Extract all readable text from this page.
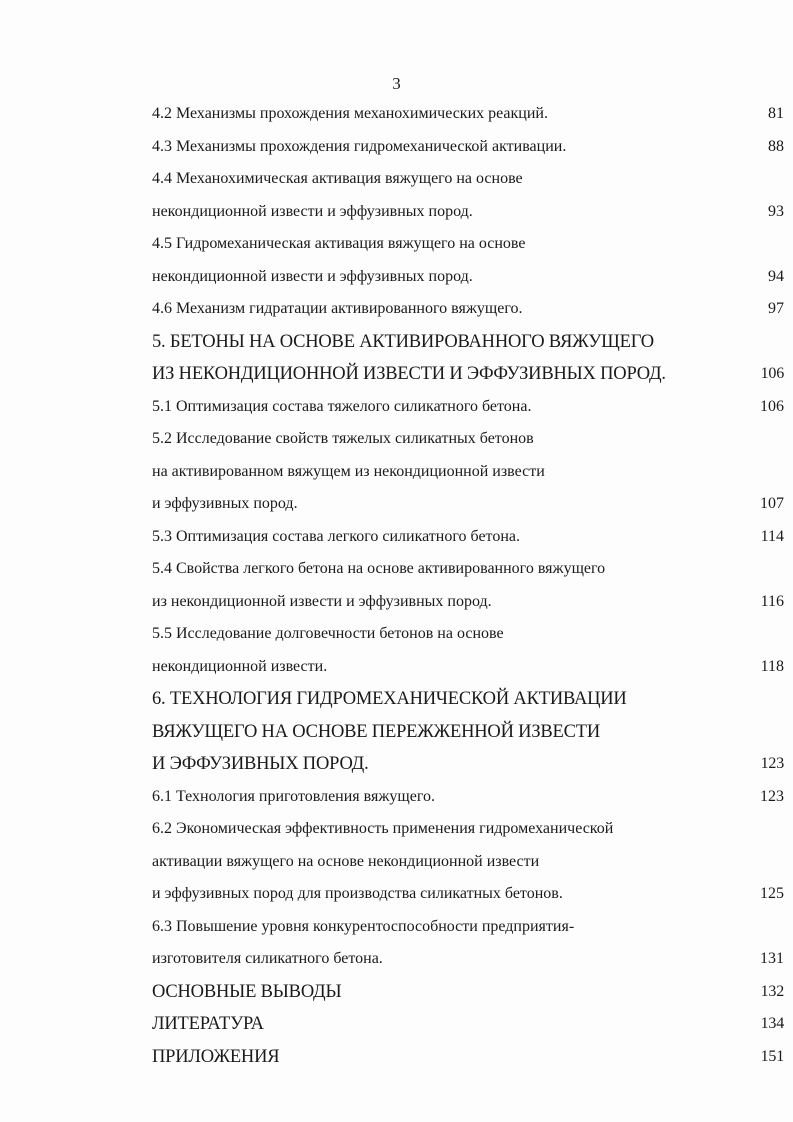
3
4.2 Механизмы прохождения механохимических реакций.	81
4.3 Механизмы прохождения гидромеханической активации.	88
4.4 Механохимическая активация вяжущего на основе
некондиционной извести и эффузивных пород.	93
4.5 Гидромеханическая активация вяжущего на основе
некондиционной извести и эффузивных пород.	94
4.6 Механизм гидратации активированного вяжущего.	97
5. БЕТОНЫ НА ОСНОВЕ АКТИВИРОВАННОГО ВЯЖУЩЕГО
ИЗ НЕКОНДИЦИОННОЙ ИЗВЕСТИ И ЭФФУЗИВНЫХ ПОРОД.	106
5.1 Оптимизация состава тяжелого силикатного бетона.	106
5.2 Исследование свойств тяжелых силикатных бетонов
на активированном вяжущем из некондиционной извести
и эффузивных пород.	107
5.3 Оптимизация состава легкого силикатного бетона.	114
5.4 Свойства легкого бетона на основе активированного вяжущего
из некондиционной извести и эффузивных пород.	116
5.5 Исследование долговечности бетонов на основе
некондиционной извести.	118
6. ТЕХНОЛОГИЯ ГИДРОМЕХАНИЧЕСКОЙ АКТИВАЦИИ
ВЯЖУЩЕГО НА ОСНОВЕ ПЕРЕЖЖЕННОЙ ИЗВЕСТИ
И ЭФФУЗИВНЫХ ПОРОД.	123
6.1 Технология приготовления вяжущего.	123
6.2 Экономическая эффективность применения гидромеханической
активации вяжущего на основе некондиционной извести
и эффузивных пород для производства силикатных бетонов.	125
6.3 Повышение уровня конкурентоспособности предприятия-
изготовителя силикатного бетона.	131
ОСНОВНЫЕ ВЫВОДЫ	132
ЛИТЕРАТУРА	134
ПРИЛОЖЕНИЯ	151
